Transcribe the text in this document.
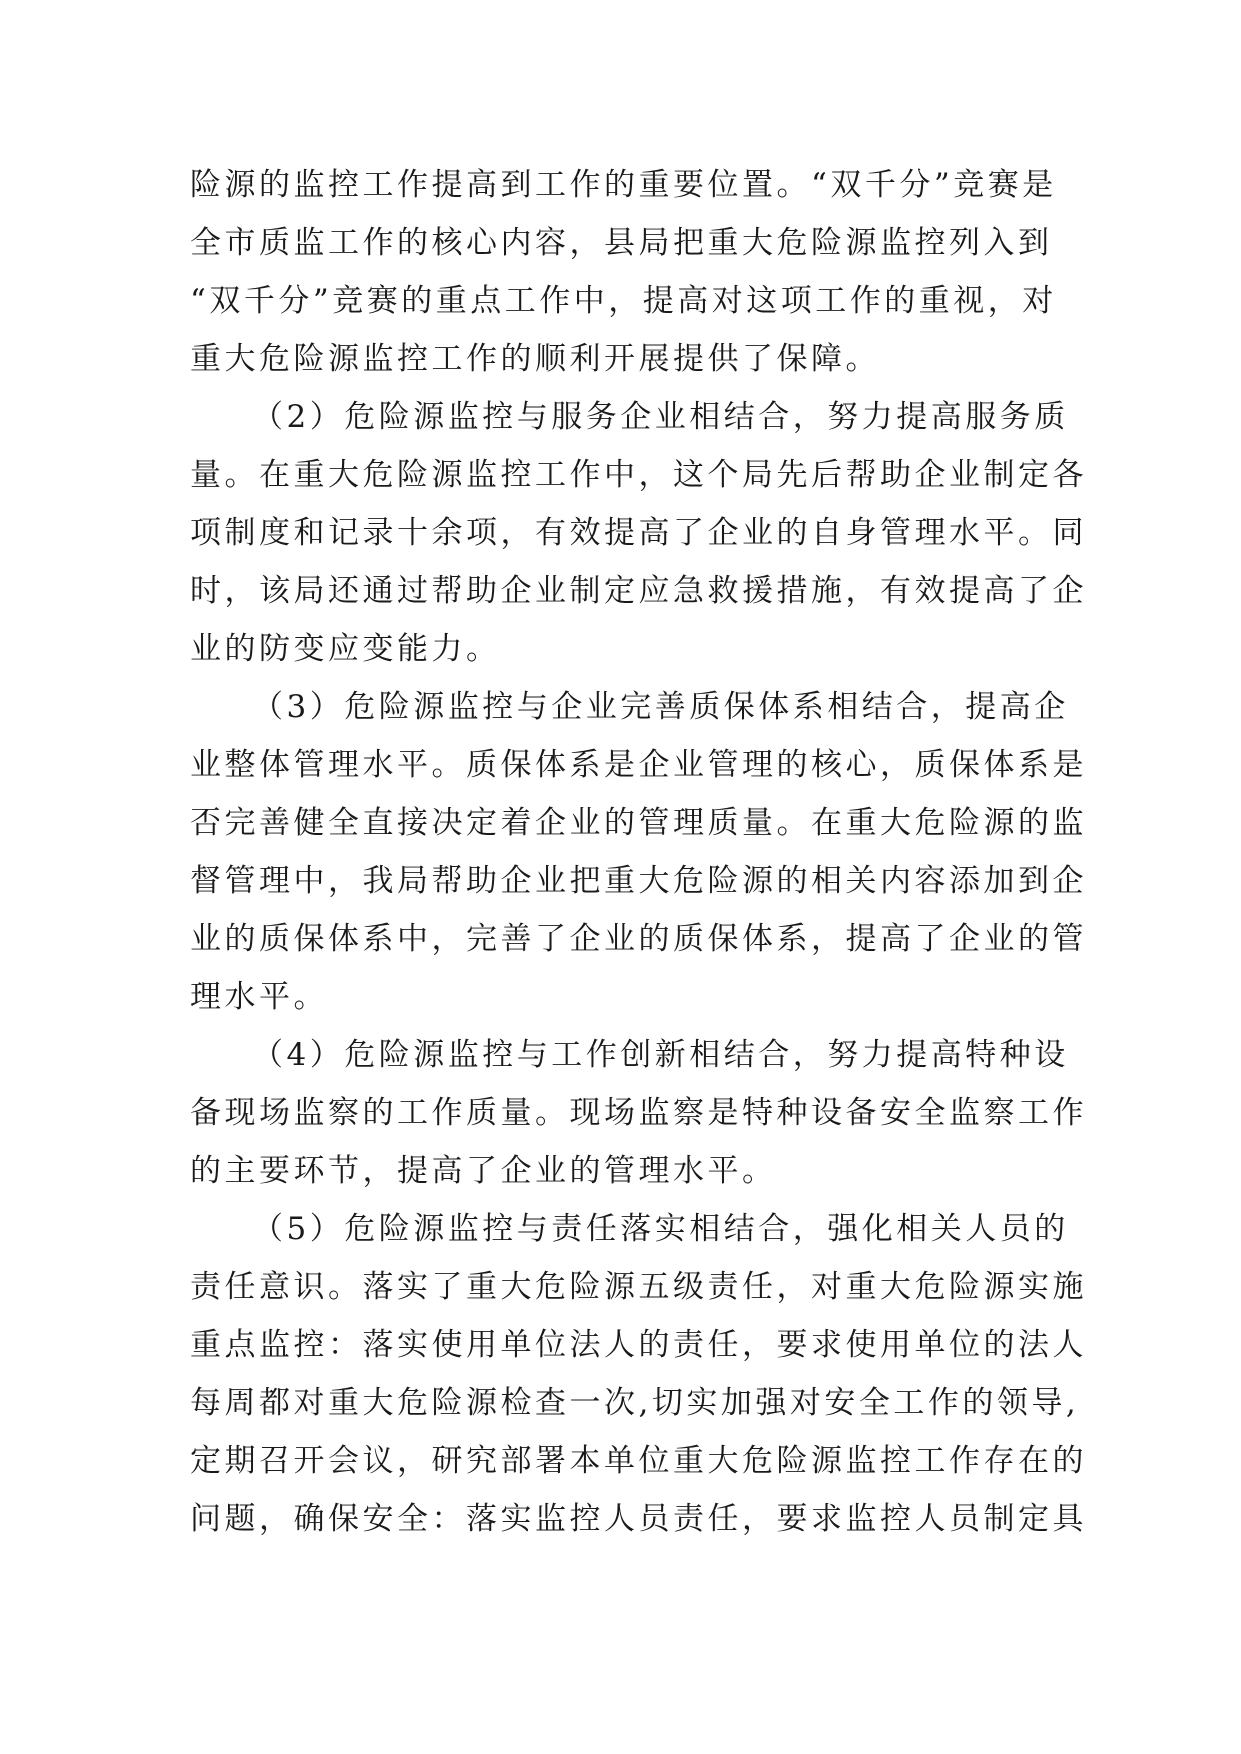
险源的监控工作提高到工作的重要位置。“双千分”竞赛是
全市质监工作的核心内容，县局把重大危险源监控列入到
“双千分”竞赛的重点工作中，提高对这项工作的重视，对
重大危险源监控工作的顺利开展提供了保障。
（2）危险源监控与服务企业相结合，努力提高服务质
量。在重大危险源监控工作中，这个局先后帮助企业制定各
项制度和记录十余项，有效提高了企业的自身管理水平。同
时，该局还通过帮助企业制定应急救援措施，有效提高了企
业的防变应变能力。
（3）危险源监控与企业完善质保体系相结合，提高企
业整体管理水平。质保体系是企业管理的核心，质保体系是
否完善健全直接决定着企业的管理质量。在重大危险源的监
督管理中，我局帮助企业把重大危险源的相关内容添加到企
业的质保体系中，完善了企业的质保体系，提高了企业的管
理水平。
（4）危险源监控与工作创新相结合，努力提高特种设
备现场监察的工作质量。现场监察是特种设备安全监察工作
的主要环节，提高了企业的管理水平。
（5）危险源监控与责任落实相结合，强化相关人员的
责任意识。落实了重大危险源五级责任，对重大危险源实施
重点监控：落实使用单位法人的责任，要求使用单位的法人
每周都对重大危险源检查一次,切实加强对安全工作的领导,
定期召开会议，研究部署本单位重大危险源监控工作存在的
问题，确保安全：落实监控人员责任，要求监控人员制定具
